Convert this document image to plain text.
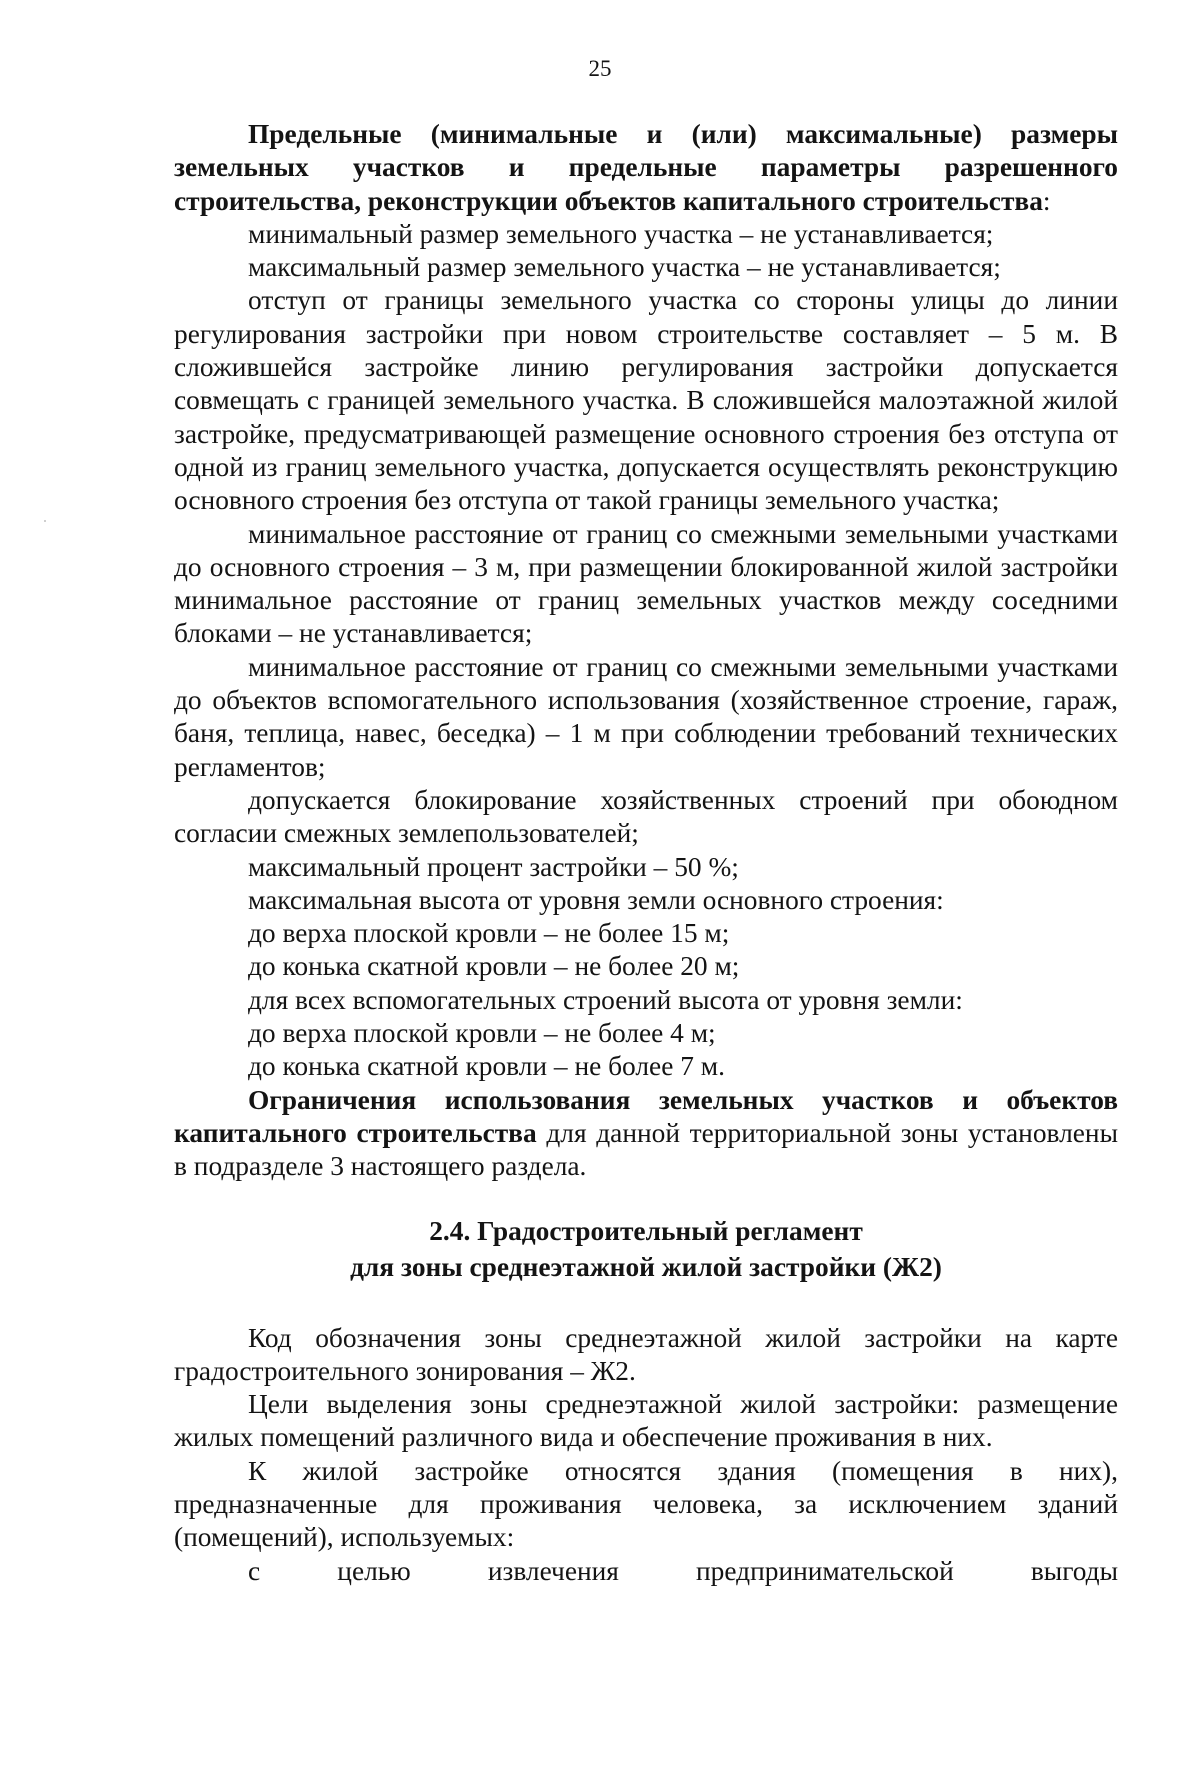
25

Предельные (минимальные и (или) максимальные) размеры земельных участков и предельные параметры разрешенного строительства, реконструкции объектов капитального строительства:

минимальный размер земельного участка – не устанавливается;

максимальный размер земельного участка – не устанавливается;

отступ от границы земельного участка со стороны улицы до линии регулирования застройки при новом строительстве составляет – 5 м. В сложившейся застройке линию регулирования застройки допускается совмещать с границей земельного участка. В сложившейся малоэтажной жилой застройке, предусматривающей размещение основного строения без отступа от одной из границ земельного участка, допускается осуществлять реконструкцию основного строения без отступа от такой границы земельного участка;

минимальное расстояние от границ со смежными земельными участками до основного строения – 3 м, при размещении блокированной жилой застройки минимальное расстояние от границ земельных участков между соседними блоками – не устанавливается;

минимальное расстояние от границ со смежными земельными участками до объектов вспомогательного использования (хозяйственное строение, гараж, баня, теплица, навес, беседка) – 1 м при соблюдении требований технических регламентов;

допускается блокирование хозяйственных строений при обоюдном согласии смежных землепользователей;

максимальный процент застройки – 50 %;

максимальная высота от уровня земли основного строения:

до верха плоской кровли – не более 15 м;

до конька скатной кровли – не более 20 м;

для всех вспомогательных строений высота от уровня земли:

до верха плоской кровли – не более 4 м;

до конька скатной кровли – не более 7 м.

Ограничения использования земельных участков и объектов капитального строительства для данной территориальной зоны установлены в подразделе 3 настоящего раздела.

2.4. Градостроительный регламент
для зоны среднеэтажной жилой застройки (Ж2)

Код обозначения зоны среднеэтажной жилой застройки на карте градостроительного зонирования – Ж2.

Цели выделения зоны среднеэтажной жилой застройки: размещение жилых помещений различного вида и обеспечение проживания в них.

К жилой застройке относятся здания (помещения в них), предназначенные для проживания человека, за исключением зданий (помещений), используемых:

с целью извлечения предпринимательской выгоды
